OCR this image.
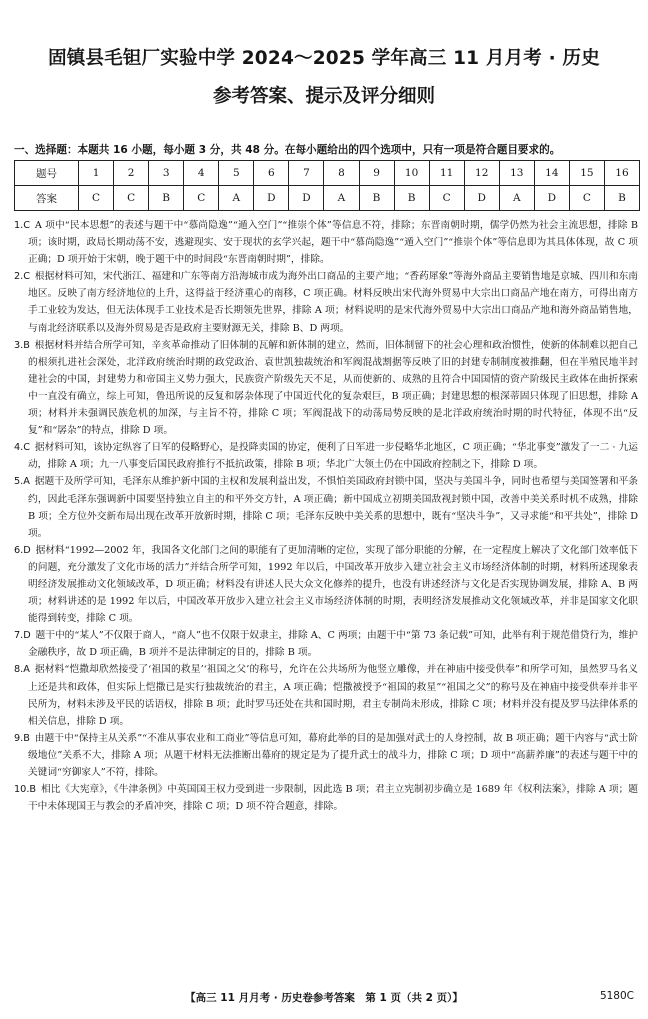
固镇县毛钽厂实验中学 2024～2025 学年高三 11 月月考 · 历史
参考答案、提示及评分细则
一、选择题：本题共 16 小题，每小题 3 分，共 48 分。在每小题给出的四个选项中，只有一项是符合题目要求的。
题号	1	2	3	4	5	6	7	8	9	10	11	12	13	14	15	16
答案	C	C	B	C	A	D	D	A	B	B	C	D	A	D	C	B

1.C  A 项中“民本思想”的表述与题干中“慕尚隐逸”“遁入空门”“推崇个体”等信息不符，排除；东晋南朝时期，儒学仍然为社会主流思想，排除 B 项；该时期，政局长期动荡不安，逃避现实、安于现状的玄学兴起，题干中“慕尚隐逸”“遁入空门”“推崇个体”等信息即为其具体体现，故 C 项正确；D 项开始于宋朝，晚于题干中的时间段“东晋南朝时期”，排除。

2.C  根据材料可知，宋代浙江、福建和广东等南方沿海城市成为海外出口商品的主要产地；“香药犀象”等海外商品主要销售地是京城、四川和东南地区。反映了南方经济地位的上升，这得益于经济重心的南移，C 项正确。材料反映出宋代海外贸易中大宗出口商品产地在南方，可得出南方手工业较为发达，但无法体现手工业技术是否长期领先世界，排除 A 项；材料说明的是宋代海外贸易中大宗出口商品产地和海外商品销售地，与南北经济联系以及海外贸易是否是政府主要财源无关，排除 B、D 两项。

3.B  根据材料并结合所学可知，辛亥革命推动了旧体制的瓦解和新体制的建立，然而，旧体制留下的社会心理和政治惯性，使新的体制难以把自己的根须扎进社会深处，北洋政府统治时期的政党政治、袁世凯独裁统治和军阀混战割据等反映了旧的封建专制制度被推翻，但在半殖民地半封建社会的中国，封建势力和帝国主义势力强大，民族资产阶级先天不足，从而使新的、成熟的且符合中国国情的资产阶级民主政体在曲折探索中一直没有确立，综上可知，鲁迅所说的反复和孱杂体现了中国近代化的复杂艰巨，B 项正确；封建思想的根深蒂固只体现了旧思想，排除 A 项；材料并未强调民族危机的加深，与主旨不符，排除 C 项；军阀混战下的动荡局势反映的是北洋政府统治时期的时代特征，体现不出“反复”和“孱杂”的特点，排除 D 项。

4.C  据材料可知，该协定纵容了日军的侵略野心，是投降卖国的协定，便利了日军进一步侵略华北地区，C 项正确；“华北事变”激发了一二 · 九运动，排除 A 项；九一八事变后国民政府推行不抵抗政策，排除 B 项；华北广大领土仍在中国政府控制之下，排除 D 项。

5.A  据题干及所学可知，毛泽东从维护新中国的主权和发展利益出发，不惧怕美国政府封锁中国，坚决与美国斗争，同时也希望与美国签署和平条约，因此毛泽东强调新中国要坚持独立自主的和平外交方针，A 项正确；新中国成立初期美国敌视封锁中国，改善中美关系时机不成熟，排除 B 项；全方位外交新布局出现在改革开放新时期，排除 C 项；毛泽东反映中美关系的思想中，既有“坚决斗争”，又寻求能“和平共处”，排除 D 项。

6.D  据材料“1992—2002 年，我国各文化部门之间的职能有了更加清晰的定位，实现了部分职能的分解，在一定程度上解决了文化部门效率低下的问题，充分激发了文化市场的活力”并结合所学可知，1992 年以后，中国改革开放步入建立社会主义市场经济体制的时期，材料所述现象表明经济发展推动文化领域改革，D 项正确；材料没有讲述人民大众文化修养的提升，也没有讲述经济与文化是否实现协调发展，排除 A、B 两项；材料讲述的是 1992 年以后，中国改革开放步入建立社会主义市场经济体制的时期，表明经济发展推动文化领域改革，并非是国家文化职能得到转变，排除 C 项。

7.D  题干中的“某人”不仅限于商人，“商人”也不仅限于奴隶主，排除 A、C 两项；由题干中“第 73 条记载”可知，此举有利于规范借贷行为，维护金融秩序，故 D 项正确，B 项并不是法律制定的目的，排除 B 项。

8.A  据材料“恺撒却欣然接受了‘祖国的救星’‘祖国之父’的称号，允许在公共场所为他竖立雕像，并在神庙中接受供奉”和所学可知，虽然罗马名义上还是共和政体，但实际上恺撒已是实行独裁统治的君主，A 项正确；恺撒被授予“祖国的救星”“祖国之父”的称号及在神庙中接受供奉并非平民所为，材料未涉及平民的话语权，排除 B 项；此时罗马还处在共和国时期，君主专制尚未形成，排除 C 项；材料并没有提及罗马法律体系的相关信息，排除 D 项。

9.B  由题干中“保持主从关系”“不准从事农业和工商业”等信息可知，幕府此举的目的是加强对武士的人身控制，故 B 项正确；题干内容与“武士阶级地位”关系不大，排除 A 项；从题干材料无法推断出幕府的规定是为了提升武士的战斗力，排除 C 项；D 项中“高薪养廉”的表述与题干中的关键词“穷御家人”不符，排除。

10.B  相比《大宪章》，《牛津条例》中英国国王权力受到进一步限制，因此选 B 项；君主立宪制初步确立是 1689 年《权利法案》，排除 A 项；题干中未体现国王与教会的矛盾冲突，排除 C 项；D 项不符合题意，排除。

【高三 11 月月考 · 历史卷参考答案　第 1 页（共 2 页）】	5180C
